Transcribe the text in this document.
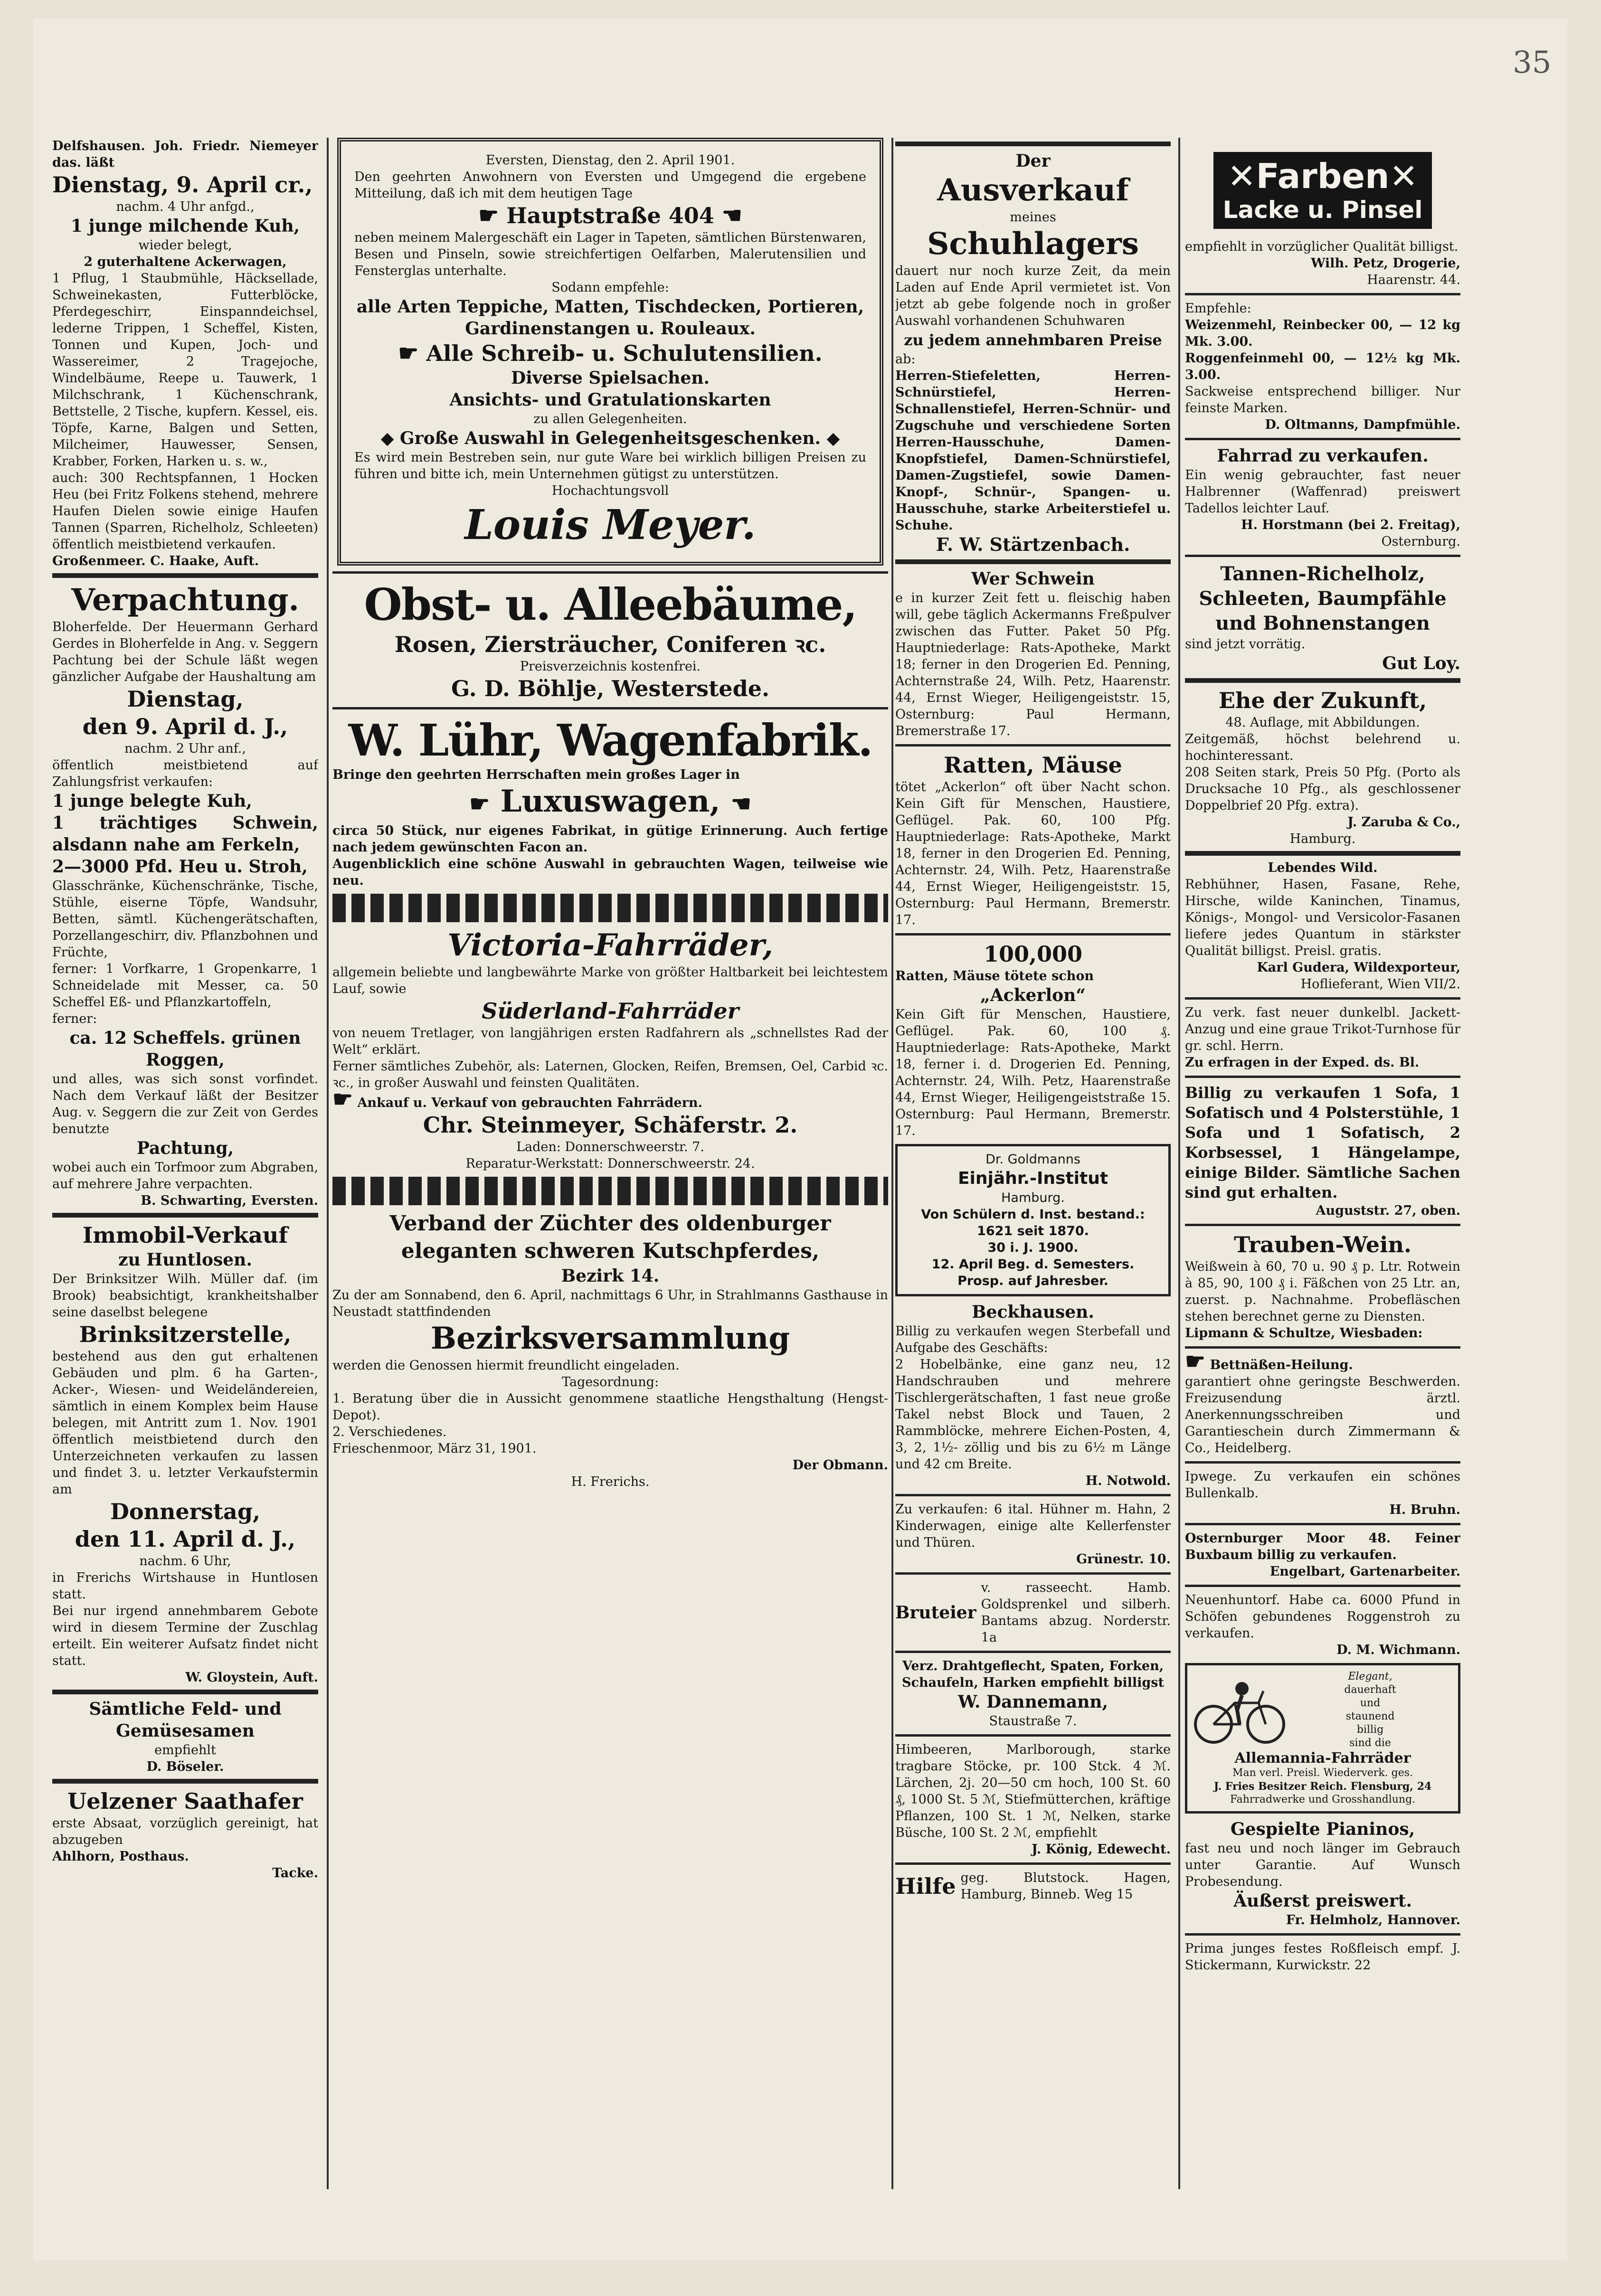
35

Delfshausen. Joh. Friedr. Niemeyer das. läßt

Dienstag, 9. April cr.,

nachm. 4 Uhr anfgd.,

1 junge milchende Kuh,

wieder belegt,

2 guterhaltene Ackerwagen,

1 Pflug, 1 Staubmühle, Häcksellade, Schweinekasten, Futterblöcke, Pferdegeschirr, Einspanndeichsel, lederne Trippen, 1 Scheffel, Kisten, Tonnen und Kupen, Joch- und Wassereimer, 2 Tragejoche, Windelbäume, Reepe u. Tauwerk, 1 Milchschrank, 1 Küchenschrank, Bettstelle, 2 Tische, kupfern. Kessel, eis. Töpfe, Karne, Balgen und Setten, Milcheimer, Hauwesser, Sensen, Krabber, Forken, Harken u. s. w.,

auch: 300 Rechtspfannen, 1 Hocken Heu (bei Fritz Folkens stehend, mehrere Haufen Dielen sowie einige Haufen Tannen (Sparren, Richelholz, Schleeten) öffentlich meistbietend verkaufen.

Großenmeer. C. Haake, Auft.

Verpachtung.

Bloherfelde. Der Heuermann Gerhard Gerdes in Bloherfelde in Ang. v. Seggern Pachtung bei der Schule läßt wegen gänzlicher Aufgabe der Haushaltung am

Dienstag,

den 9. April d. J.,

nachm. 2 Uhr anf.,

öffentlich meistbietend auf Zahlungsfrist verkaufen:

1 junge belegte Kuh,

1 trächtiges Schwein, alsdann nahe am Ferkeln,

2—3000 Pfd. Heu u. Stroh,

Glasschränke, Küchenschränke, Tische, Stühle, eiserne Töpfe, Wandsuhr, Betten, sämtl. Küchengerätschaften, Porzellangeschirr, div. Pflanzbohnen und Früchte,

ferner: 1 Vorfkarre, 1 Gropenkarre, 1 Schneidelade mit Messer, ca. 50 Scheffel Eß- und Pflanzkartoffeln,

ferner:

ca. 12 Scheffels. grünen Roggen,

und alles, was sich sonst vorfindet. Nach dem Verkauf läßt der Besitzer Aug. v. Seggern die zur Zeit von Gerdes benutzte

Pachtung,

wobei auch ein Torfmoor zum Abgraben, auf mehrere Jahre verpachten.

B. Schwarting, Eversten.

Immobil-Verkauf

zu Huntlosen.

Der Brinksitzer Wilh. Müller daf. (im Brook) beabsichtigt, krankheitshalber seine daselbst belegene

Brinksitzerstelle,

bestehend aus den gut erhaltenen Gebäuden und plm. 6 ha Garten-, Acker-, Wiesen- und Weideländereien, sämtlich in einem Komplex beim Hause belegen, mit Antritt zum 1. Nov. 1901 öffentlich meistbietend durch den Unterzeichneten verkaufen zu lassen und findet 3. u. letzter Verkaufstermin am

Donnerstag,

den 11. April d. J.,

nachm. 6 Uhr,

in Frerichs Wirtshause in Huntlosen statt.

Bei nur irgend annehmbarem Gebote wird in diesem Termine der Zuschlag erteilt. Ein weiterer Aufsatz findet nicht statt.

W. Gloystein, Auft.

Sämtliche Feld- und Gemüsesamen

empfiehlt

D. Böseler.

Uelzener Saathafer

erste Absaat, vorzüglich gereinigt, hat abzugeben

Ahlhorn, Posthaus.

Tacke.

Eversten, Dienstag, den 2. April 1901.

Den geehrten Anwohnern von Eversten und Umgegend die ergebene Mitteilung, daß ich mit dem heutigen Tage

☛ Hauptstraße 404 ☚

neben meinem Malergeschäft ein Lager in Tapeten, sämtlichen Bürstenwaren, Besen und Pinseln, sowie streichfertigen Oelfarben, Malerutensilien und Fensterglas unterhalte.

Sodann empfehle:

alle Arten Teppiche, Matten, Tischdecken, Portieren, Gardinenstangen u. Rouleaux.

☛ Alle Schreib- u. Schulutensilien.

Diverse Spielsachen.

Ansichts- und Gratulationskarten

zu allen Gelegenheiten.

◆ Große Auswahl in Gelegenheitsgeschenken. ◆

Es wird mein Bestreben sein, nur gute Ware bei wirklich billigen Preisen zu führen und bitte ich, mein Unternehmen gütigst zu unterstützen.

Hochachtungsvoll

Louis Meyer.

Obst- u. Alleebäume,

Rosen, Ziersträucher, Coniferen ꝛc.

Preisverzeichnis kostenfrei.

G. D. Böhlje, Westerstede.

W. Lühr, Wagenfabrik.

Bringe den geehrten Herrschaften mein großes Lager in

☛ Luxuswagen, ☚

circa 50 Stück, nur eigenes Fabrikat, in gütige Erinnerung. Auch fertige nach jedem gewünschten Facon an.

Augenblicklich eine schöne Auswahl in gebrauchten Wagen, teilweise wie neu.

Victoria-Fahrräder,

allgemein beliebte und langbewährte Marke von größter Haltbarkeit bei leichtestem Lauf, sowie

Süderland-Fahrräder

von neuem Tretlager, von langjährigen ersten Radfahrern als „schnellstes Rad der Welt“ erklärt.

Ferner sämtliches Zubehör, als: Laternen, Glocken, Reifen, Bremsen, Oel, Carbid ꝛc. ꝛc., in großer Auswahl und feinsten Qualitäten.

☛ Ankauf u. Verkauf von gebrauchten Fahrrädern.

Chr. Steinmeyer, Schäferstr. 2.

Laden: Donnerschweerstr. 7.

Reparatur-Werkstatt: Donnerschweerstr. 24.

Verband der Züchter des oldenburger eleganten schweren Kutschpferdes,

Bezirk 14.

Zu der am Sonnabend, den 6. April, nachmittags 6 Uhr, in Strahlmanns Gasthause in Neustadt stattfindenden

Bezirksversammlung

werden die Genossen hiermit freundlicht eingeladen.

Tagesordnung:

1. Beratung über die in Aussicht genommene staatliche Hengsthaltung (Hengst-Depot).

2. Verschiedenes.

Frieschenmoor, März 31, 1901.

Der Obmann.

H. Frerichs.

Der

Ausverkauf

meines

Schuhlagers

dauert nur noch kurze Zeit, da mein Laden auf Ende April vermietet ist. Von jetzt ab gebe folgende noch in großer Auswahl vorhandenen Schuhwaren

zu jedem annehmbaren Preise

ab:

Herren-Stiefeletten, Herren-Schnürstiefel, Herren-Schnallenstiefel, Herren-Schnür- und Zugschuhe und verschiedene Sorten Herren-Hausschuhe, Damen-Knopfstiefel, Damen-Schnürstiefel, Damen-Zugstiefel, sowie Damen-Knopf-, Schnür-, Spangen- u. Hausschuhe, starke Arbeiterstiefel u. Schuhe.

F. W. Stärtzenbach.

Wer Schwein

e in kurzer Zeit fett u. fleischig haben will, gebe täglich Ackermanns Freßpulver zwischen das Futter. Paket 50 Pfg. Hauptniederlage: Rats-Apotheke, Markt 18; ferner in den Drogerien Ed. Penning, Achternstraße 24, Wilh. Petz, Haarenstr. 44, Ernst Wieger, Heiligengeiststr. 15, Osternburg: Paul Hermann, Bremerstraße 17.

Ratten, Mäuse

tötet „Ackerlon“ oft über Nacht schon. Kein Gift für Menschen, Haustiere, Geflügel. Pak. 60, 100 Pfg. Hauptniederlage: Rats-Apotheke, Markt 18, ferner in den Drogerien Ed. Penning, Achternstr. 24, Wilh. Petz, Haarenstraße 44, Ernst Wieger, Heiligengeiststr. 15, Osternburg: Paul Hermann, Bremerstr. 17.

100,000

Ratten, Mäuse tötete schon

„Ackerlon“

Kein Gift für Menschen, Haustiere, Geflügel. Pak. 60, 100 ₰. Hauptniederlage: Rats-Apotheke, Markt 18, ferner i. d. Drogerien Ed. Penning, Achternstr. 24, Wilh. Petz, Haarenstraße 44, Ernst Wieger, Heiligengeiststraße 15. Osternburg: Paul Hermann, Bremerstr. 17.

Dr. Goldmanns

Einjähr.-Institut

Hamburg.

Von Schülern d. Inst. bestand.:

1621 seit 1870.

30 i. J. 1900.

12. April Beg. d. Semesters.

Prosp. auf Jahresber.

Beckhausen.

Billig zu verkaufen wegen Sterbefall und Aufgabe des Geschäfts:

2 Hobelbänke, eine ganz neu, 12 Handschrauben und mehrere Tischlergerätschaften, 1 fast neue große Takel nebst Block und Tauen, 2 Rammblöcke, mehrere Eichen-Posten, 4, 3, 2, 1½- zöllig und bis zu 6½ m Länge und 42 cm Breite.

H. Notwold.

Zu verkaufen: 6 ital. Hühner m. Hahn, 2 Kinderwagen, einige alte Kellerfenster und Thüren.

Grünestr. 10.

Bruteier

v. rasseecht. Hamb. Goldsprenkel und silberh. Bantams abzug. Norderstr. 1a

Verz. Drahtgeflecht, Spaten, Forken, Schaufeln, Harken empfiehlt billigst

W. Dannemann,

Staustraße 7.

Himbeeren, Marlborough, starke tragbare Stöcke, pr. 100 Stck. 4 ℳ. Lärchen, 2j. 20—50 cm hoch, 100 St. 60 ₰, 1000 St. 5 ℳ, Stiefmütterchen, kräftige Pflanzen, 100 St. 1 ℳ, Nelken, starke Büsche, 100 St. 2 ℳ, empfiehlt

J. König, Edewecht.

Hilfe geg. Blutstock. Hagen, Hamburg, Binneb. Weg 15

✕Farben✕
Lacke u. Pinsel

empfiehlt in vorzüglicher Qualität billigst.

Wilh. Petz, Drogerie,

Haarenstr. 44.

Empfehle:

Weizenmehl, Reinbecker 00, — 12 kg Mk. 3.00.

Roggenfeinmehl 00, — 12½ kg Mk. 3.00.

Sackweise entsprechend billiger. Nur feinste Marken.

D. Oltmanns, Dampfmühle.

Fahrrad zu verkaufen.

Ein wenig gebrauchter, fast neuer Halbrenner (Waffenrad) preiswert Tadellos leichter Lauf.

H. Horstmann (bei 2. Freitag),

Osternburg.

Tannen-Richelholz, Schleeten, Baumpfähle und Bohnenstangen

sind jetzt vorrätig.

Gut Loy.

Ehe der Zukunft,

48. Auflage, mit Abbildungen.

Zeitgemäß, höchst belehrend u. hochinteressant.

208 Seiten stark, Preis 50 Pfg. (Porto als Drucksache 10 Pfg., als geschlossener Doppelbrief 20 Pfg. extra).

J. Zaruba & Co.,

Hamburg.

Lebendes Wild.

Rebhühner, Hasen, Fasane, Rehe, Hirsche, wilde Kaninchen, Tinamus, Königs-, Mongol- und Versicolor-Fasanen liefere jedes Quantum in stärkster Qualität billigst. Preisl. gratis.

Karl Gudera, Wildexporteur,

Hoflieferant, Wien VII/2.

Zu verk. fast neuer dunkelbl. Jackett-Anzug und eine graue Trikot-Turnhose für gr. schl. Herrn.

Zu erfragen in der Exped. ds. Bl.

Billig zu verkaufen 1 Sofa, 1 Sofatisch und 4 Polsterstühle, 1 Sofa und 1 Sofatisch, 2 Korbsessel, 1 Hängelampe, einige Bilder. Sämtliche Sachen sind gut erhalten.

Auguststr. 27, oben.

Trauben-Wein.

Weißwein à 60, 70 u. 90 ₰ p. Ltr. Rotwein à 85, 90, 100 ₰ i. Fäßchen von 25 Ltr. an, zuerst. p. Nachnahme. Probefläschen stehen berechnet gerne zu Diensten.

Lipmann & Schultze, Wiesbaden:

☛ Bettnäßen-Heilung.

garantiert ohne geringste Beschwerden. Freizusendung ärztl. Anerkennungsschreiben und Garantieschein durch Zimmermann & Co., Heidelberg.

Ipwege. Zu verkaufen ein schönes Bullenkalb.

H. Bruhn.

Osternburger Moor 48. Feiner Buxbaum billig zu verkaufen.

Engelbart, Gartenarbeiter.

Neuenhuntorf. Habe ca. 6000 Pfund in Schöfen gebundenes Roggenstroh zu verkaufen.

D. M. Wichmann.

Elegant,

dauerhaft

und

staunend

billig

sind die

Allemannia-Fahrräder

Man verl. Preisl. Wiederverk. ges.

J. Fries Besitzer Reich. Flensburg, 24

Fahrradwerke und Grosshandlung.

Gespielte Pianinos,

fast neu und noch länger im Gebrauch unter Garantie. Auf Wunsch Probesendung.

Äußerst preiswert.

Fr. Helmholz, Hannover.

Prima junges festes Roßfleisch empf. J. Stickermann, Kurwickstr. 22
